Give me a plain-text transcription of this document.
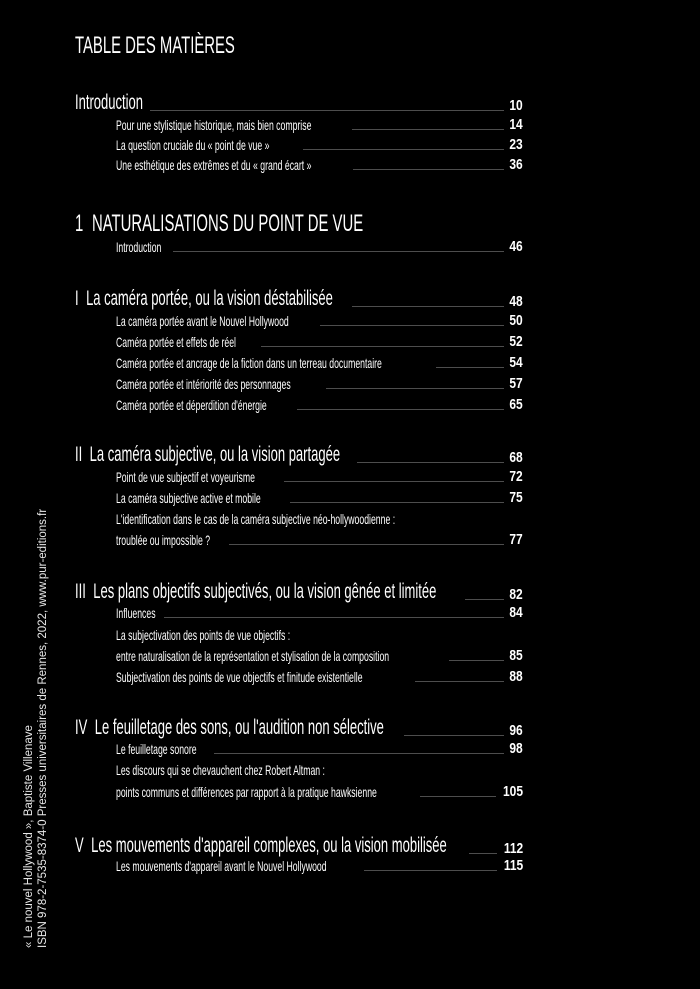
TABLE DES MATIÈRES
Introduction	10
Pour une stylistique historique, mais bien comprise	14
La question cruciale du « point de vue »	23
Une esthétique des extrêmes et du « grand écart »	36
1 NATURALISATIONS DU POINT DE VUE
Introduction	46
I La caméra portée, ou la vision déstabilisée	48
La caméra portée avant le Nouvel Hollywood	50
Caméra portée et effets de réel	52
Caméra portée et ancrage de la fiction dans un terreau documentaire	54
Caméra portée et intériorité des personnages	57
Caméra portée et déperdition d'énergie	65
II La caméra subjective, ou la vision partagée	68
Point de vue subjectif et voyeurisme	72
La caméra subjective active et mobile	75
L'identification dans le cas de la caméra subjective néo-hollywoodienne :
troublée ou impossible ?	77
III Les plans objectifs subjectivés, ou la vision gênée et limitée	82
Influences	84
La subjectivation des points de vue objectifs :
entre naturalisation de la représentation et stylisation de la composition	85
Subjectivation des points de vue objectifs et finitude existentielle	88
IV Le feuilletage des sons, ou l'audition non sélective	96
Le feuilletage sonore	98
Les discours qui se chevauchent chez Robert Altman :
points communs et différences par rapport à la pratique hawksienne	105
V Les mouvements d'appareil complexes, ou la vision mobilisée	112
Les mouvements d'appareil avant le Nouvel Hollywood	115
« Le nouvel Hollywood », Baptiste Villenave ISBN 978-2-7535-8374-0 Presses universitaires de Rennes, 2022, www.pur-editions.fr
